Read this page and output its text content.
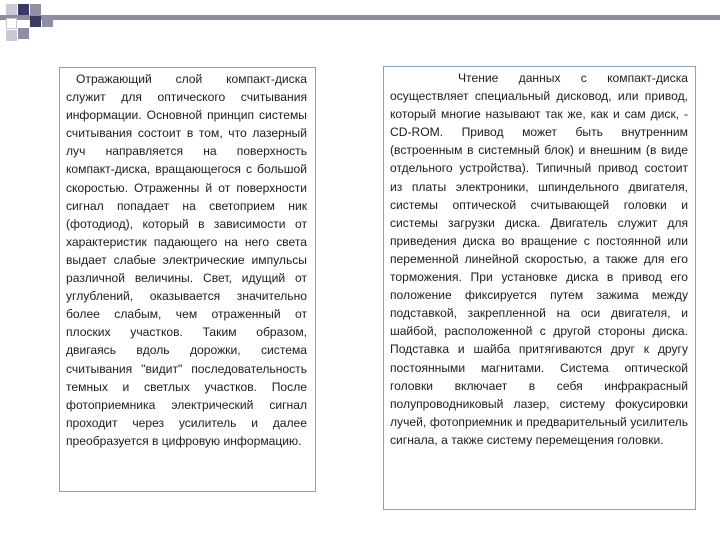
Отражающий слой компакт-диска служит для оптического считывания информации. Основной принцип системы считывания состоит в том, что лазерный луч направляется на поверхность компакт-диска, вращающегося с большой скоростью. Отраженны й от поверхности сигнал попадает на светоприем ник (фотодиод), который в зависимости от характеристик падающего на него света выдает слабые электрические импульсы различной величины. Свет, идущий от углублений, оказывается значительно более слабым, чем отраженный от плоских участков. Таким образом, двигаясь вдоль дорожки, система считывания "видит" последовательность темных и светлых участков. После фотоприемника электрический сигнал проходит через усилитель и далее преобразуется в цифровую информацию.

Чтение данных с компакт-диска осуществляет специальный дисковод, или привод, который многие называют так же, как и сам диск, - CD-ROM. Привод может быть внутренним (встроенным в системный блок) и внешним (в виде отдельного устройства). Типичный привод состоит из платы электроники, шпиндельного двигателя, системы оптической считывающей головки и системы загрузки диска. Двигатель служит для приведения диска во вращение с постоянной или переменной линейной скоростью, а также для его торможения. При установке диска в привод его положение фиксируется путем зажима между подставкой, закрепленной на оси двигателя, и шайбой, расположенной с другой стороны диска. Подставка и шайба притягиваются друг к другу постоянными магнитами. Система оптической головки включает в себя инфракрасный полупроводниковый лазер, систему фокусировки лучей, фотоприемник и предварительный усилитель сигнала, а также систему перемещения головки.
